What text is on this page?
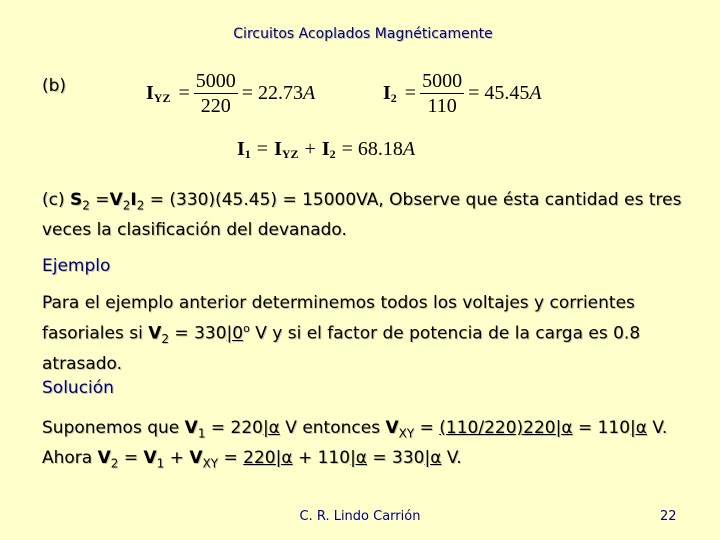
Circuitos Acoplados Magnéticamente
(b)	I YZ = $\frac{5000}{220} = 22.73$ A	I $2 = \frac{5000}{110} = 45.45$ A
I 1 = I YZ + I 2 = 68.18 A
(c) $S_2 =V_2I_2 = (330)(45.45) = 15000VA$, Observe que ésta cantidad es tres veces la clasificación del devanado.
Ejemplo
Para el ejemplo anterior determinemos todos los voltajes y corrientes fasoriales si $V_2 = 330|0^o$ V y si el factor de potencia de la carga es 0.8 atrasado.
Solución
Suponemos que $V_1 = 220|\alpha$ V entonces $V_{XY} = (110/220)220|\alpha = 110|\alpha$ V. Ahora $V_2 = V_1 + V_{XY} = 220|\alpha + 110|\alpha = 330|\alpha$ V.
C. R. Lindo Carrión	22
